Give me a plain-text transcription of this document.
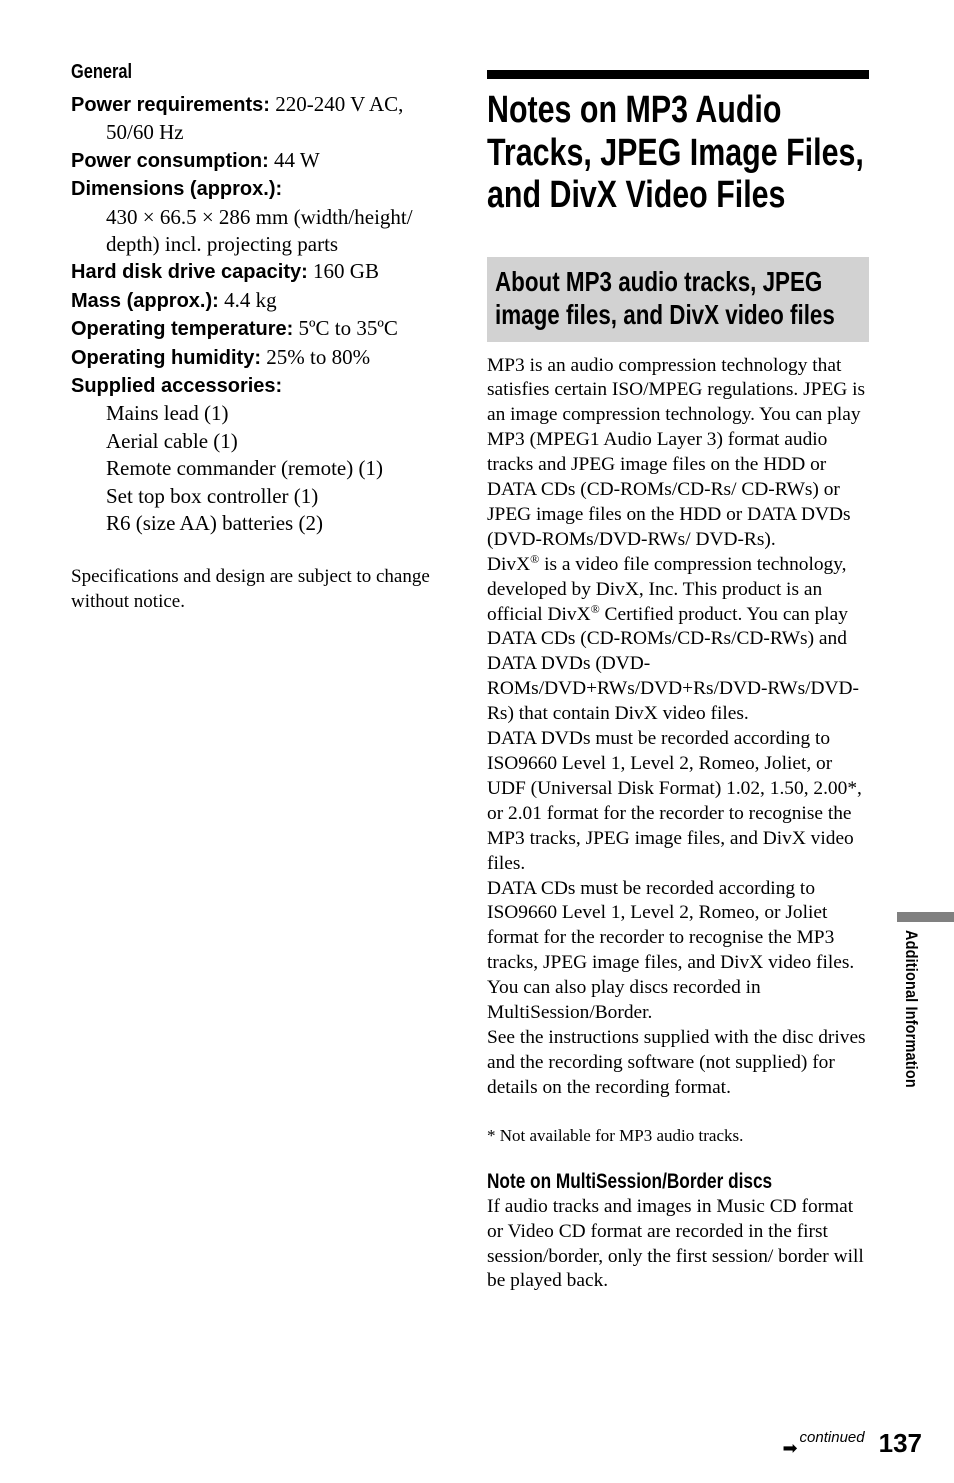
General

Power requirements: 220-240 V AC,
50/60 Hz

Power consumption: 44 W

Dimensions (approx.):
430 × 66.5 × 286 mm (width/height/
depth) incl. projecting parts

Hard disk drive capacity: 160 GB

Mass (approx.): 4.4 kg

Operating temperature: 5ºC to 35ºC

Operating humidity: 25% to 80%

Supplied accessories:

Mains lead (1)
Aerial cable (1)
Remote commander (remote) (1)
Set top box controller (1)
R6 (size AA) batteries (2)

Specifications and design are subject to change without notice.

Notes on MP3 Audio Tracks, JPEG Image Files, and DivX Video Files
About MP3 audio tracks, JPEG image files, and DivX video files

MP3 is an audio compression technology that satisfies certain ISO/MPEG regulations. JPEG is an image compression technology. You can play MP3 (MPEG1 Audio Layer 3) format audio tracks and JPEG image files on the HDD or DATA CDs (CD-ROMs/CD-Rs/ CD-RWs) or JPEG image files on the HDD or DATA DVDs (DVD-ROMs/DVD-RWs/ DVD-Rs).

DivX® is a video file compression technology, developed by DivX, Inc. This product is an official DivX® Certified product. You can play DATA CDs (CD-ROMs/CD-Rs/CD-RWs) and DATA DVDs (DVD-ROMs/DVD+RWs/DVD+Rs/DVD-RWs/DVD-Rs) that contain DivX video files.

DATA DVDs must be recorded according to ISO9660 Level 1, Level 2, Romeo, Joliet, or UDF (Universal Disk Format) 1.02, 1.50, 2.00*, or 2.01 format for the recorder to recognise the MP3 tracks, JPEG image files, and DivX video files.

DATA CDs must be recorded according to ISO9660 Level 1, Level 2, Romeo, or Joliet format for the recorder to recognise the MP3 tracks, JPEG image files, and DivX video files.

You can also play discs recorded in MultiSession/Border.

See the instructions supplied with the disc drives and the recording software (not supplied) for details on the recording format.

* Not available for MP3 audio tracks.

Note on MultiSession/Border discs

If audio tracks and images in Music CD format or Video CD format are recorded in the first session/border, only the first session/ border will be played back.

Additional Information
➡
continued 137
